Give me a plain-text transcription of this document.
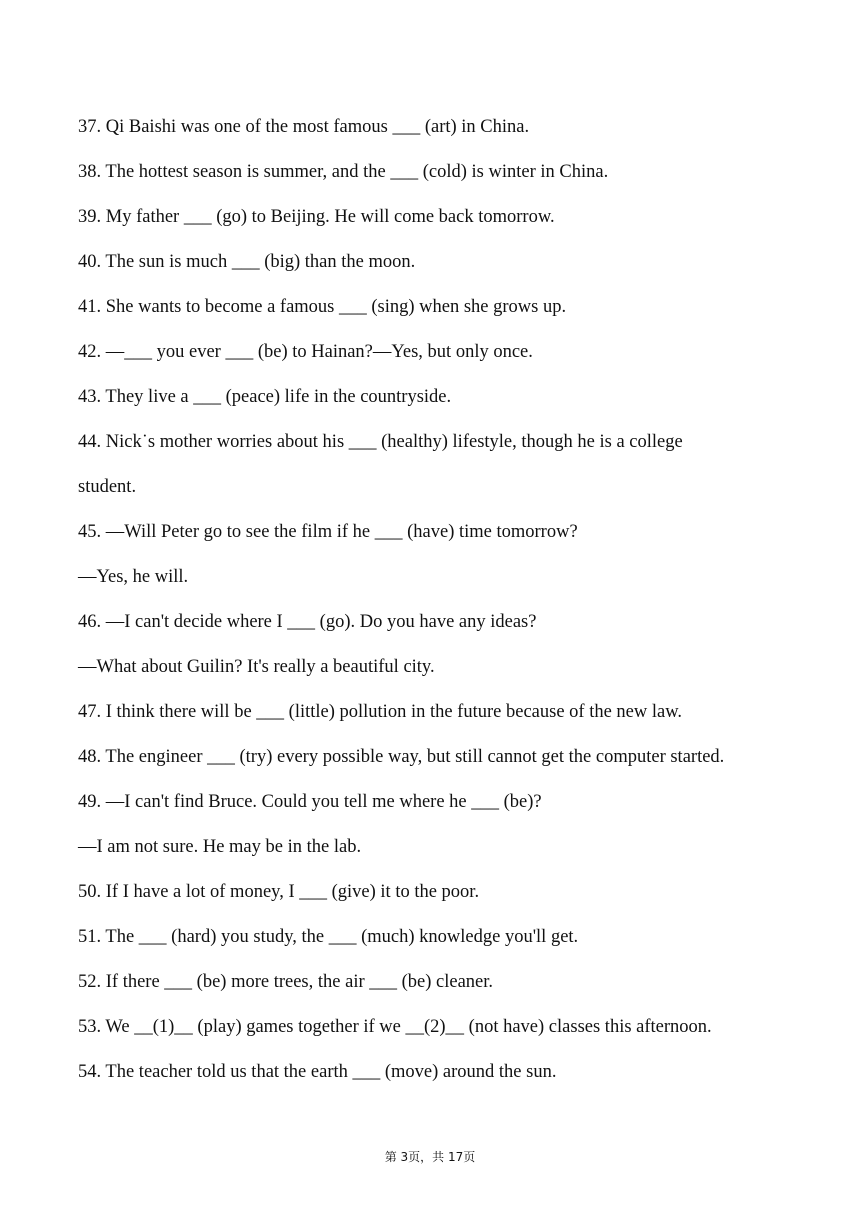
37. Qi Baishi was one of the most famous ___ (art) in China.
38. The hottest season is summer, and the ___ (cold) is winter in China.
39. My father ___ (go) to Beijing. He will come back tomorrow.
40. The sun is much ___ (big) than the moon.
41. She wants to become a famous ___ (sing) when she grows up.
42. —___ you ever ___ (be) to Hainan?—Yes, but only once.
43. They live a ___ (peace) life in the countryside.
44. Nick˙s mother worries about his ___ (healthy) lifestyle, though he is a college
student.
45. —Will Peter go to see the film if he ___ (have) time tomorrow?
—Yes, he will.
46. —I can't decide where I ___ (go). Do you have any ideas?
—What about Guilin? It's really a beautiful city.
47. I think there will be ___ (little) pollution in the future because of the new law.
48. The engineer ___ (try) every possible way, but still cannot get the computer started.
49. —I can't find Bruce. Could you tell me where he ___ (be)?
—I am not sure. He may be in the lab.
50. If I have a lot of money, I ___ (give) it to the poor.
51. The ___ (hard) you study, the ___ (much) knowledge you'll get.
52. If there ___ (be) more trees, the air ___ (be) cleaner.
53. We __(1)__ (play) games together if we __(2)__ (not have) classes this afternoon.
54. The teacher told us that the earth ___ (move) around the sun.
第 3页，共 17页
